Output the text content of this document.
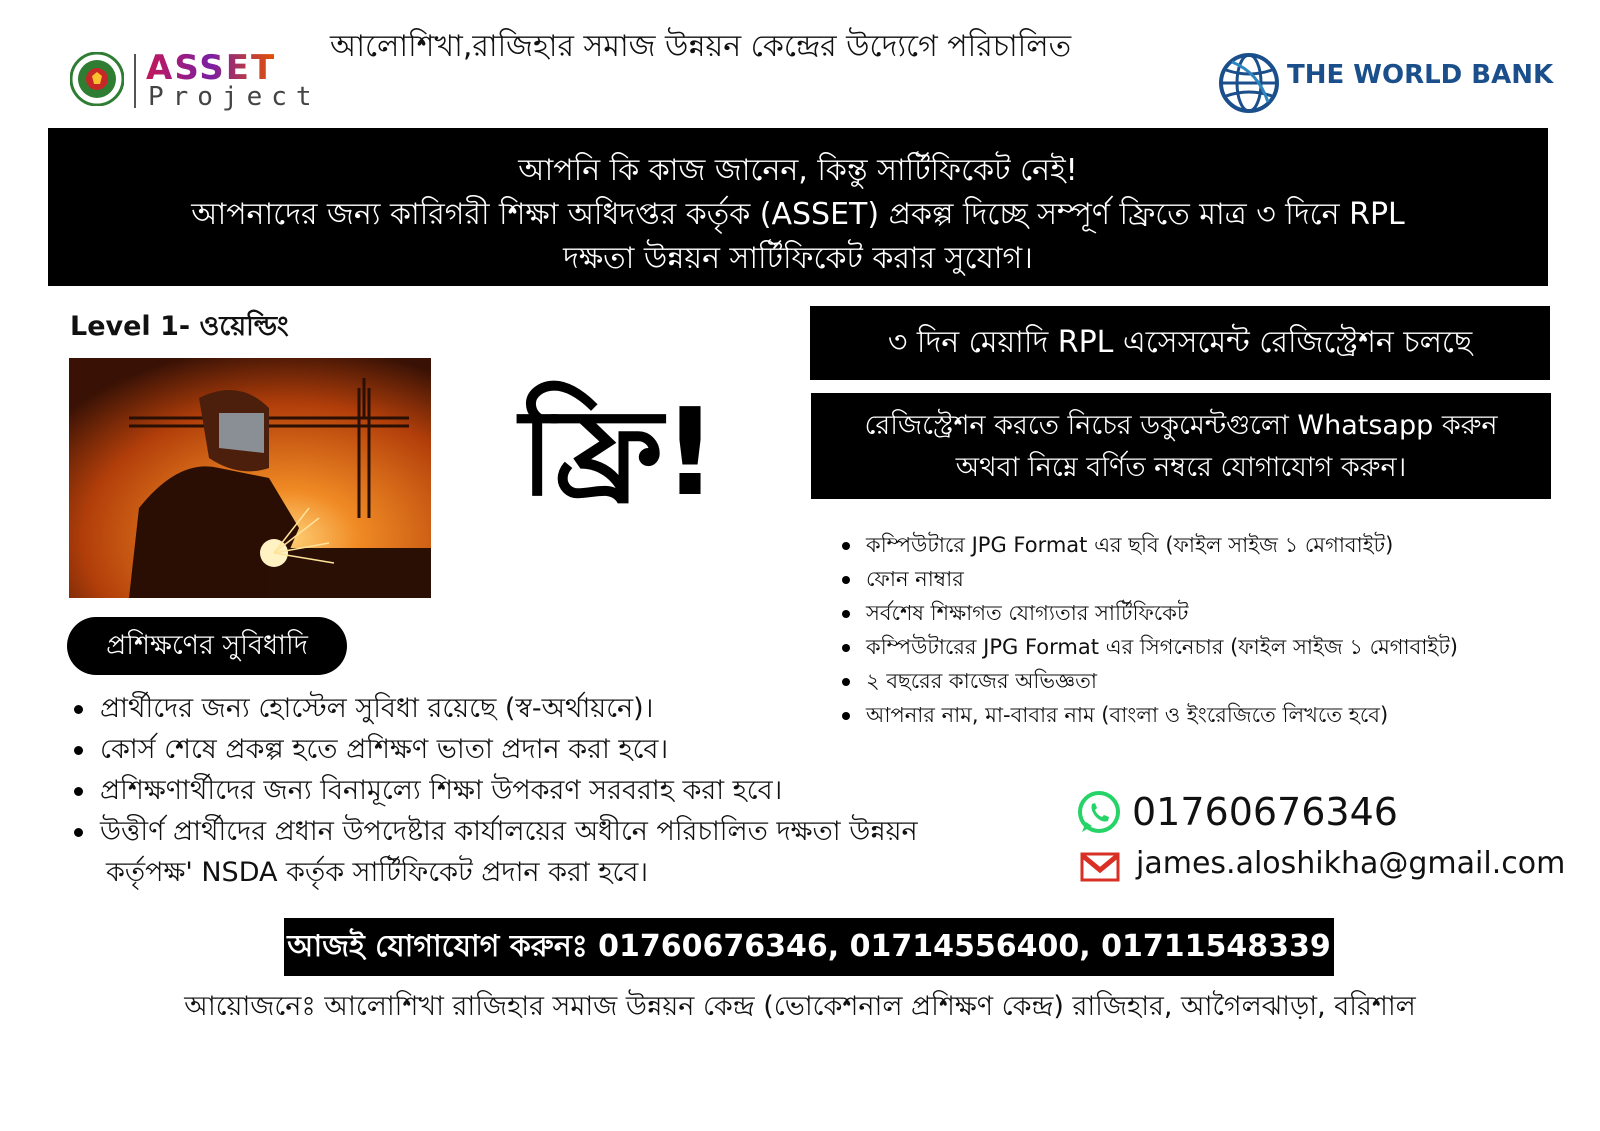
ASSET
Project
আলোশিখা,রাজিহার সমাজ উন্নয়ন কেন্দ্রের উদ্যেগে পরিচালিত
THE WORLD BANK
আপনি কি কাজ জানেন, কিন্তু সার্টিফিকেট নেই!
আপনাদের জন্য কারিগরী শিক্ষা অধিদপ্তর কর্তৃক (ASSET) প্রকল্প দিচ্ছে সম্পূর্ণ ফ্রিতে মাত্র ৩ দিনে RPL
দক্ষতা উন্নয়ন সার্টিফিকেট করার সুযোগ।
Level 1- ওয়েল্ডিং
ফ্রি!
প্রশিক্ষণের সুবিধাদি
প্রার্থীদের জন্য হোস্টেল সুবিধা রয়েছে (স্ব-অর্থায়নে)।
কোর্স শেষে প্রকল্প হতে প্রশিক্ষণ ভাতা প্রদান করা হবে।
প্রশিক্ষণার্থীদের জন্য বিনামূল্যে শিক্ষা উপকরণ সরবরাহ করা হবে।
উত্তীর্ণ প্রার্থীদের প্রধান উপদেষ্টার কার্যালয়ের অধীনে পরিচালিত দক্ষতা উন্নয়ন
কর্তৃপক্ষ' NSDA কর্তৃক সার্টিফিকেট প্রদান করা হবে।
৩ দিন মেয়াদি RPL এসেসমেন্ট রেজিস্ট্রেশন চলছে
রেজিস্ট্রেশন করতে নিচের ডকুমেন্টগুলো Whatsapp করুন
অথবা নিম্নে বর্ণিত নম্বরে যোগাযোগ করুন।
কম্পিউটারে JPG Format এর ছবি (ফাইল সাইজ ১ মেগাবাইট)
ফোন নাম্বার
সর্বশেষ শিক্ষাগত যোগ্যতার সার্টিফিকেট
কম্পিউটারের JPG Format এর সিগনেচার (ফাইল সাইজ ১ মেগাবাইট)
২ বছরের কাজের অভিজ্ঞতা
আপনার নাম, মা-বাবার নাম (বাংলা ও ইংরেজিতে লিখতে হবে)
01760676346
james.aloshikha@gmail.com
আজই যোগাযোগ করুনঃ 01760676346, 01714556400, 01711548339
আয়োজনেঃ আলোশিখা রাজিহার সমাজ উন্নয়ন কেন্দ্র (ভোকেশনাল প্রশিক্ষণ কেন্দ্র) রাজিহার, আগৈলঝাড়া, বরিশাল
